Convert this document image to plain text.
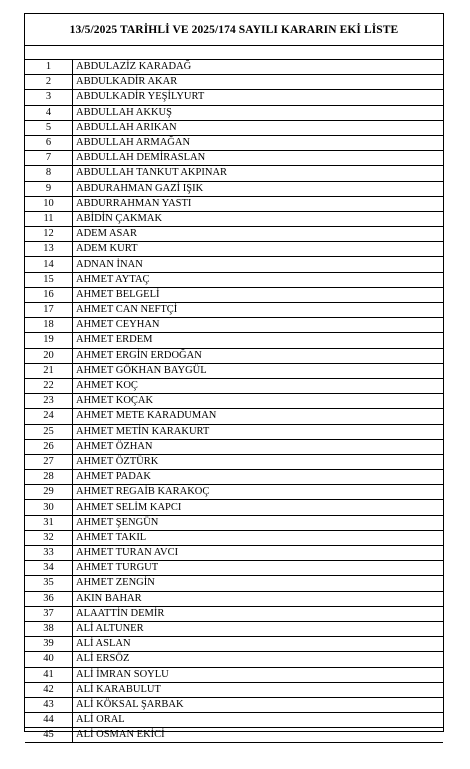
13/5/2025 TARİHLİ VE 2025/174 SAYILI KARARIN EKİ LİSTE
1	ABDULAZİZ KARADAĞ
2	ABDULKADİR AKAR
3	ABDULKADİR YEŞİLYURT
4	ABDULLAH AKKUŞ
5	ABDULLAH ARIKAN
6	ABDULLAH ARMAĞAN
7	ABDULLAH DEMİRASLAN
8	ABDULLAH TANKUT AKPINAR
9	ABDURAHMAN GAZİ IŞIK
10	ABDURRAHMAN YASTI
11	ABİDİN ÇAKMAK
12	ADEM ASAR
13	ADEM KURT
14	ADNAN İNAN
15	AHMET AYTAÇ
16	AHMET BELGELİ
17	AHMET CAN NEFTÇİ
18	AHMET CEYHAN
19	AHMET ERDEM
20	AHMET ERGİN ERDOĞAN
21	AHMET GÖKHAN BAYGÜL
22	AHMET KOÇ
23	AHMET KOÇAK
24	AHMET METE KARADUMAN
25	AHMET METİN KARAKURT
26	AHMET ÖZHAN
27	AHMET ÖZTÜRK
28	AHMET PADAK
29	AHMET REGAİB KARAKOÇ
30	AHMET SELİM KAPCI
31	AHMET ŞENGÜN
32	AHMET TAKIL
33	AHMET TURAN AVCI
34	AHMET TURGUT
35	AHMET ZENGİN
36	AKIN BAHAR
37	ALAATTİN DEMİR
38	ALİ ALTUNER
39	ALİ ASLAN
40	ALİ ERSÖZ
41	ALİ İMRAN SOYLU
42	ALİ KARABULUT
43	ALİ KÖKSAL ŞARBAK
44	ALİ ORAL
45	ALİ OSMAN EKİCİ
